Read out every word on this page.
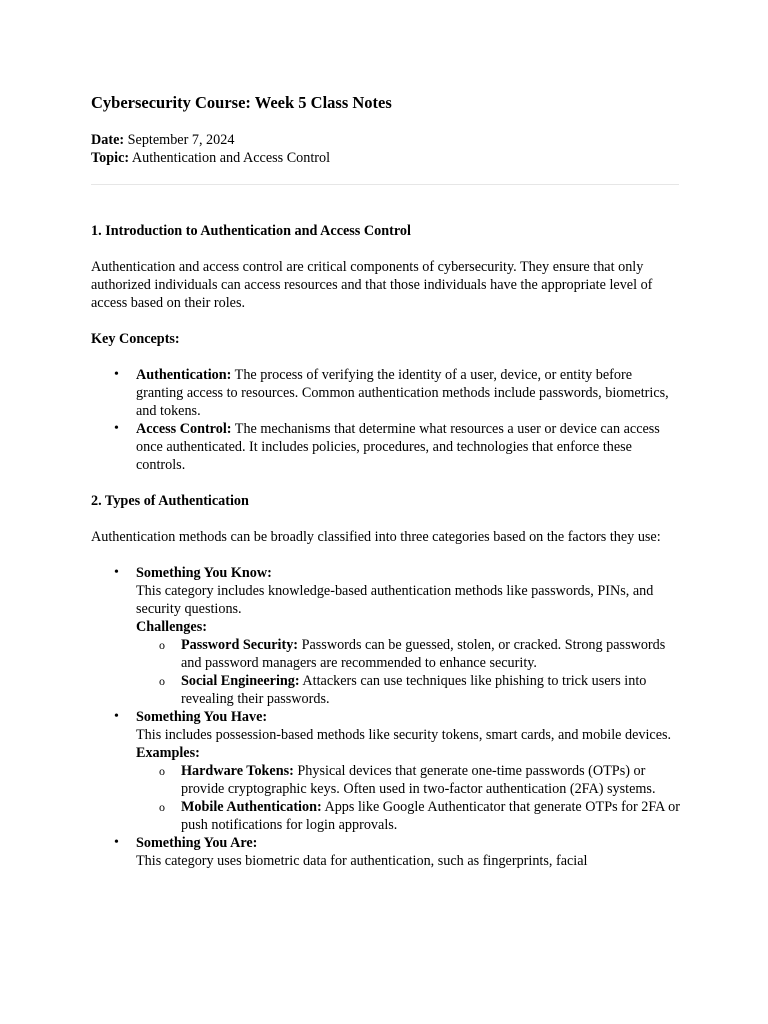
Cybersecurity Course: Week 5 Class Notes
Date: September 7, 2024
Topic: Authentication and Access Control
1. Introduction to Authentication and Access Control

Authentication and access control are critical components of cybersecurity. They ensure that only authorized individuals can access resources and that those individuals have the appropriate level of access based on their roles.

Key Concepts:

• Authentication: The process of verifying the identity of a user, device, or entity before granting access to resources. Common authentication methods include passwords, biometrics, and tokens.
• Access Control: The mechanisms that determine what resources a user or device can access once authenticated. It includes policies, procedures, and technologies that enforce these controls.
2. Types of Authentication

Authentication methods can be broadly classified into three categories based on the factors they use:

• Something You Know:
This category includes knowledge-based authentication methods like passwords, PINs, and security questions.
Challenges:
o Password Security: Passwords can be guessed, stolen, or cracked. Strong passwords and password managers are recommended to enhance security.
o Social Engineering: Attackers can use techniques like phishing to trick users into revealing their passwords.
• Something You Have:
This includes possession-based methods like security tokens, smart cards, and mobile devices.
Examples:
o Hardware Tokens: Physical devices that generate one-time passwords (OTPs) or provide cryptographic keys. Often used in two-factor authentication (2FA) systems.
o Mobile Authentication: Apps like Google Authenticator that generate OTPs for 2FA or push notifications for login approvals.
• Something You Are:
This category uses biometric data for authentication, such as fingerprints, facial
